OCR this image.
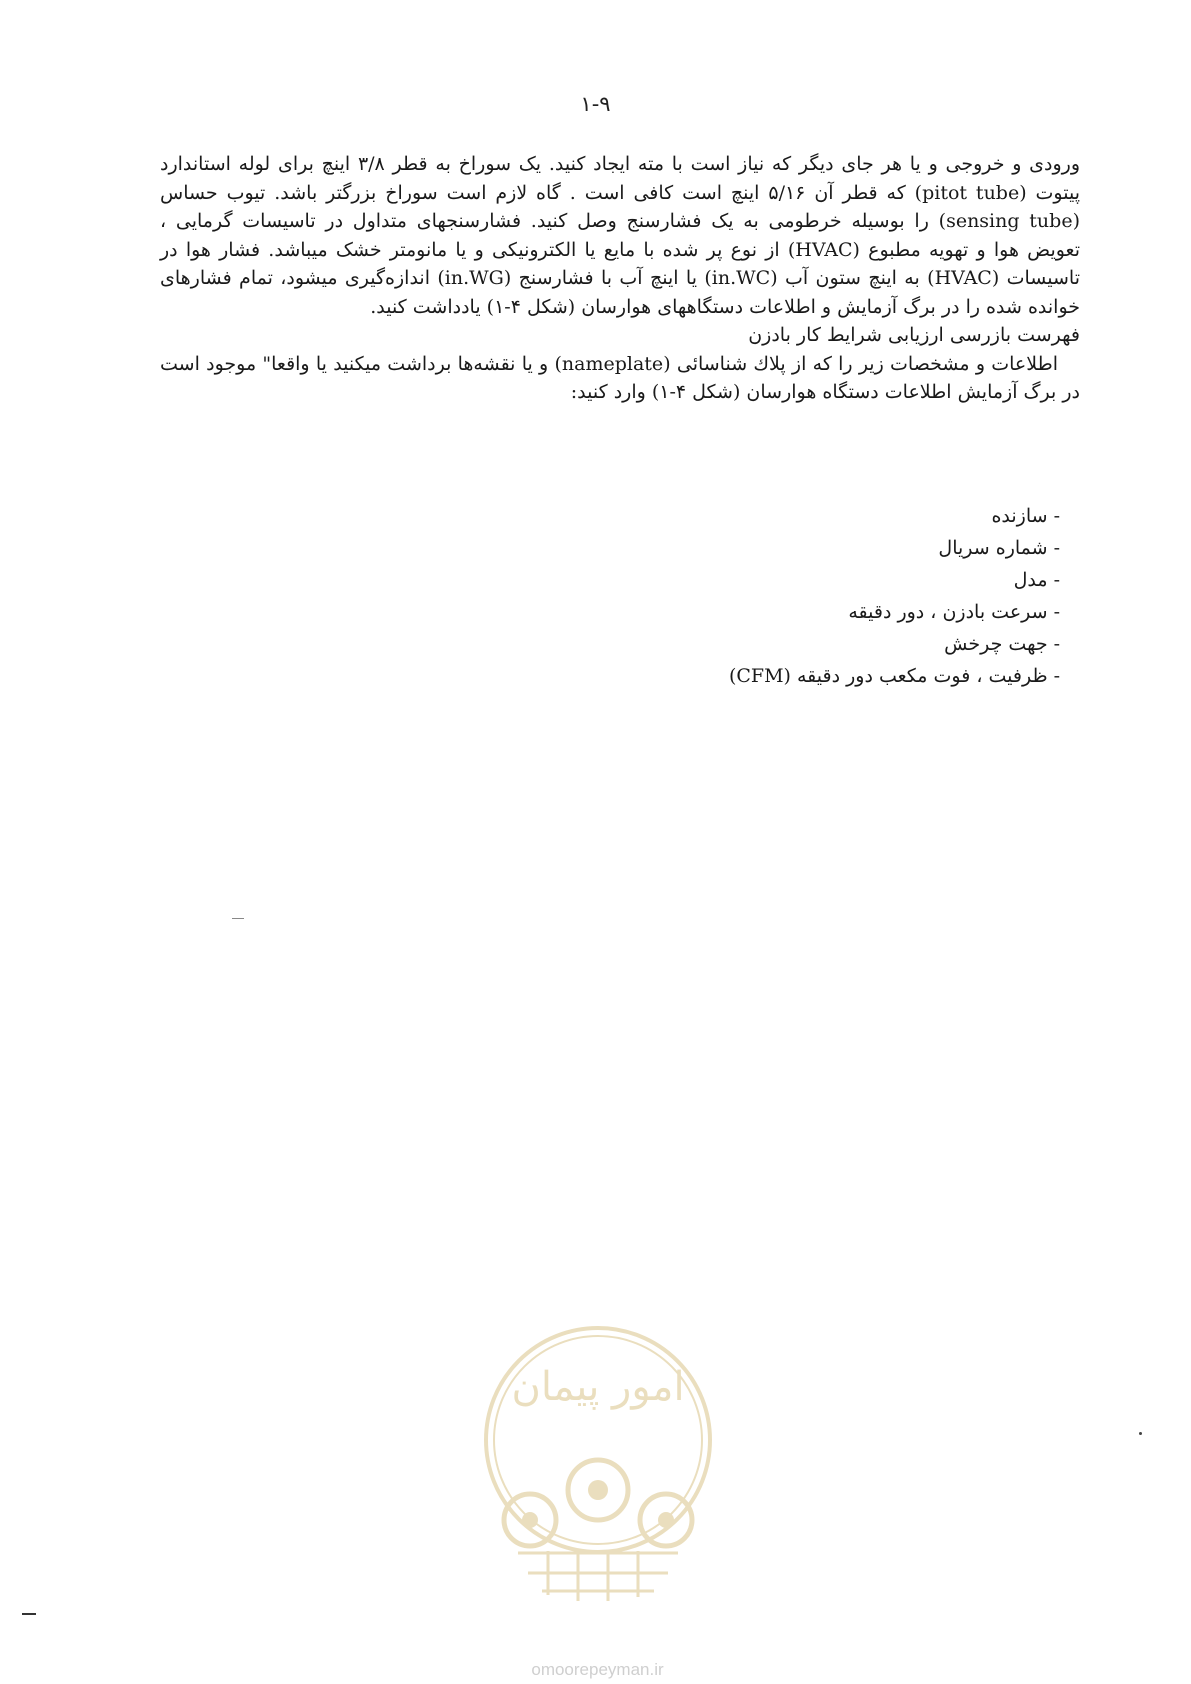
۱-۹

ورودی و خروجی و یا هر جای دیگر که نیاز است با مته ایجاد کنید. یک سوراخ به قطر ۳/۸ اینچ برای لوله استاندارد پیتوت (pitot tube) که قطر آن ۵/۱۶ اینچ است کافی است . گاه لازم است سوراخ بزرگتر باشد. تیوب حساس (sensing tube) را بوسیله خرطومی به یک فشارسنج وصل کنید. فشارسنجهای متداول در تاسیسات گرمایی ، تعویض هوا و تهویه مطبوع (HVAC) از نوع پر شده با مایع یا الکترونیکی و یا مانومتر خشک میباشد. فشار هوا در تاسیسات (HVAC) به اینچ ستون آب (in.WC) یا اینچ آب با فشارسنج (in.WG) اندازه‌گیری میشود، تمام فشارهای خوانده شده را در برگ آزمایش و اطلاعات دستگاههای هوارسان (شکل ۴-۱) یادداشت کنید.

فهرست بازرسی ارزیابی شرایط کار بادزن

اطلاعات و مشخصات زیر را که از پلاك شناسائی (nameplate) و یا نقشه‌ها برداشت میکنید یا واقعا" موجود است در برگ آزمایش اطلاعات دستگاه هوارسان (شکل ۴-۱) وارد کنید:

-سازنده
-شماره سریال
-مدل
-سرعت بادزن ، دور دقیقه
-جهت چرخش
-ظرفیت ، فوت مکعب دور دقیقه (CFM)
امور پیمان
omoorepeyman.ir
